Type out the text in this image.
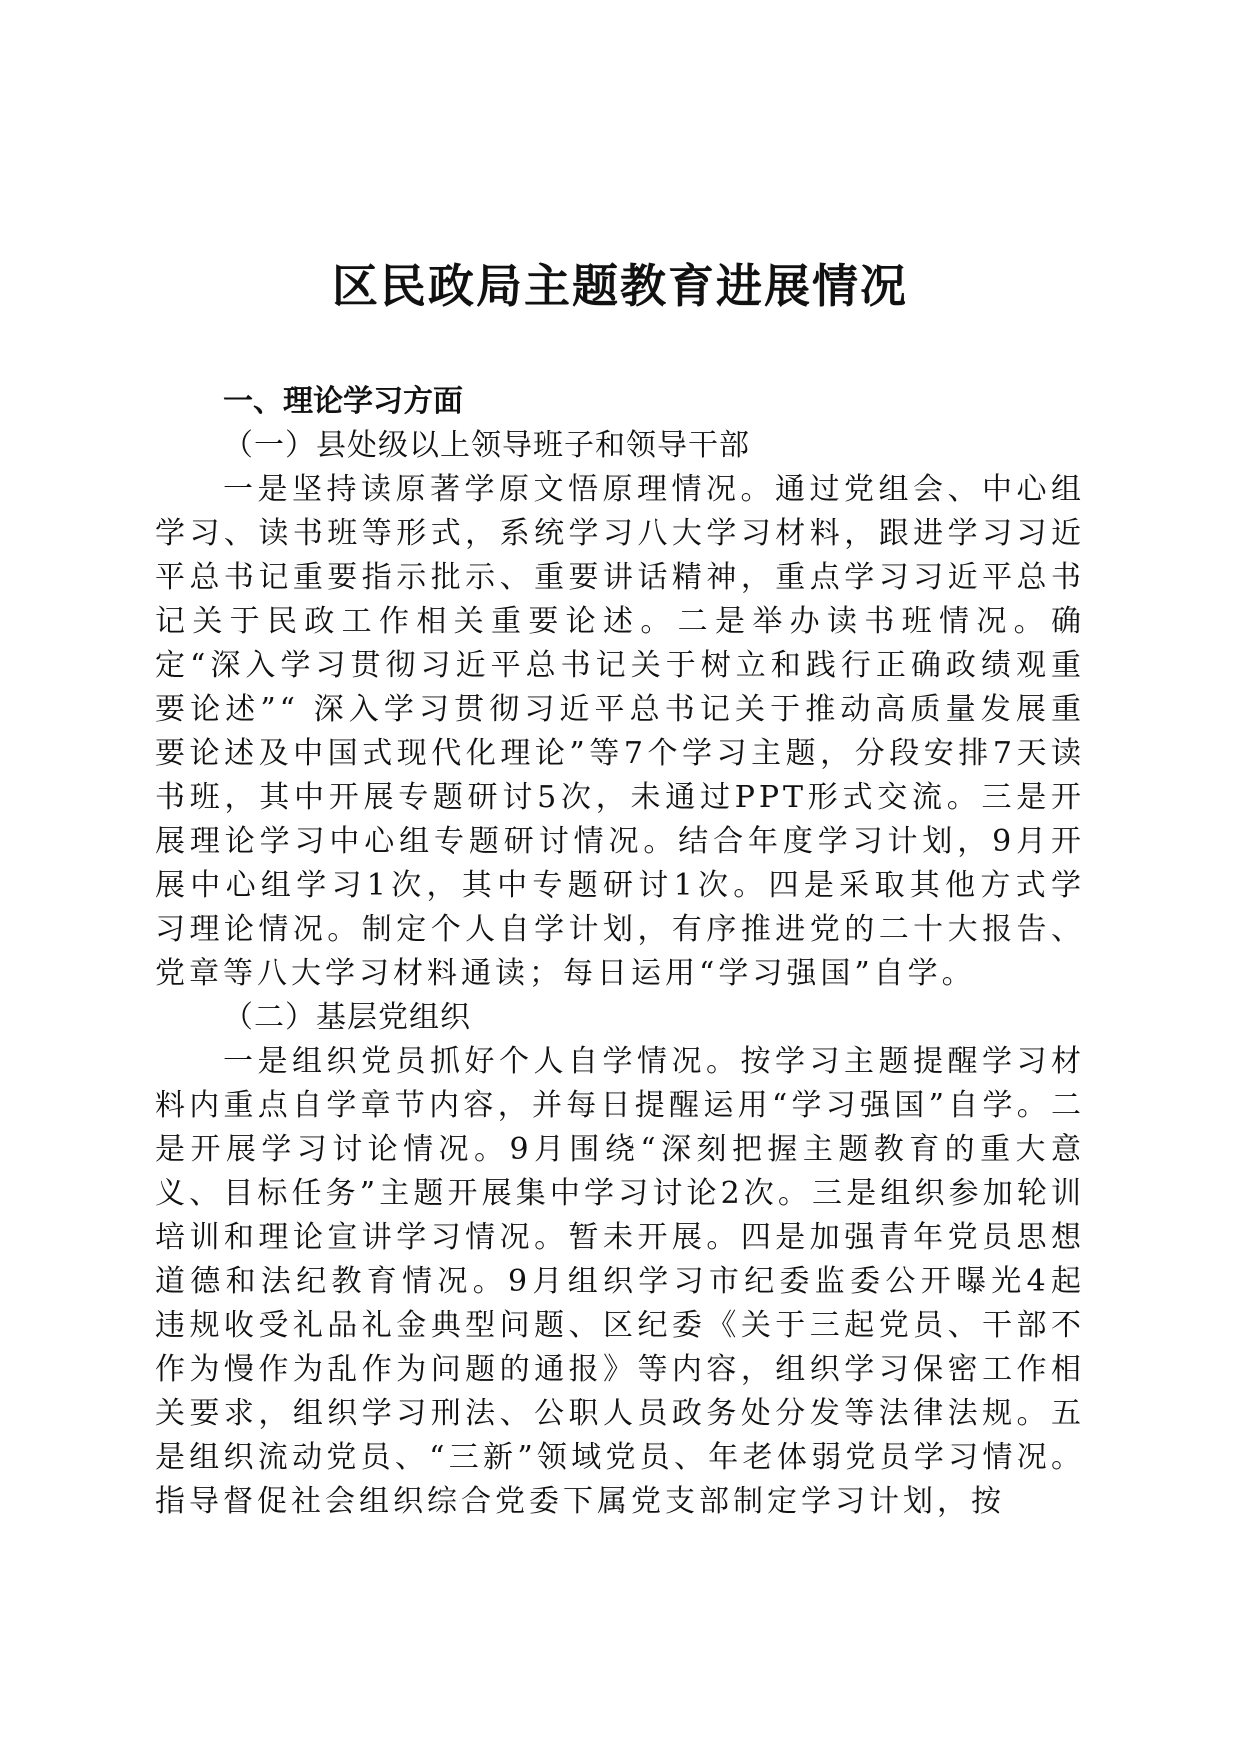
区民政局主题教育进展情况

一、理论学习方面

（一）县处级以上领导班子和领导干部

一是坚持读原著学原文悟原理情况。通过党组会、中心组学习、读书班等形式，系统学习八大学习材料，跟进学习习近平总书记重要指示批示、重要讲话精神，重点学习习近平总书记关于民政工作相关重要论述。二是举办读书班情况。确定“深入学习贯彻习近平总书记关于树立和践行正确政绩观重要论述”“ 深入学习贯彻习近平总书记关于推动高质量发展重要论述及中国式现代化理论”等7个学习主题，分段安排7天读书班，其中开展专题研讨5次，未通过PPT形式交流。三是开展理论学习中心组专题研讨情况。结合年度学习计划，9月开展中心组学习1次，其中专题研讨1次。四是采取其他方式学习理论情况。制定个人自学计划，有序推进党的二十大报告、党章等八大学习材料通读；每日运用“学习强国”自学。

（二）基层党组织

一是组织党员抓好个人自学情况。按学习主题提醒学习材料内重点自学章节内容，并每日提醒运用“学习强国”自学。二是开展学习讨论情况。9月围绕“深刻把握主题教育的重大意义、目标任务”主题开展集中学习讨论2次。三是组织参加轮训培训和理论宣讲学习情况。暂未开展。四是加强青年党员思想道德和法纪教育情况。9月组织学习市纪委监委公开曝光4起违规收受礼品礼金典型问题、区纪委《关于三起党员、干部不作为慢作为乱作为问题的通报》等内容，组织学习保密工作相关要求，组织学习刑法、公职人员政务处分发等法律法规。五是组织流动党员、“三新”领域党员、年老体弱党员学习情况。指导督促社会组织综合党委下属党支部制定学习计划，按
